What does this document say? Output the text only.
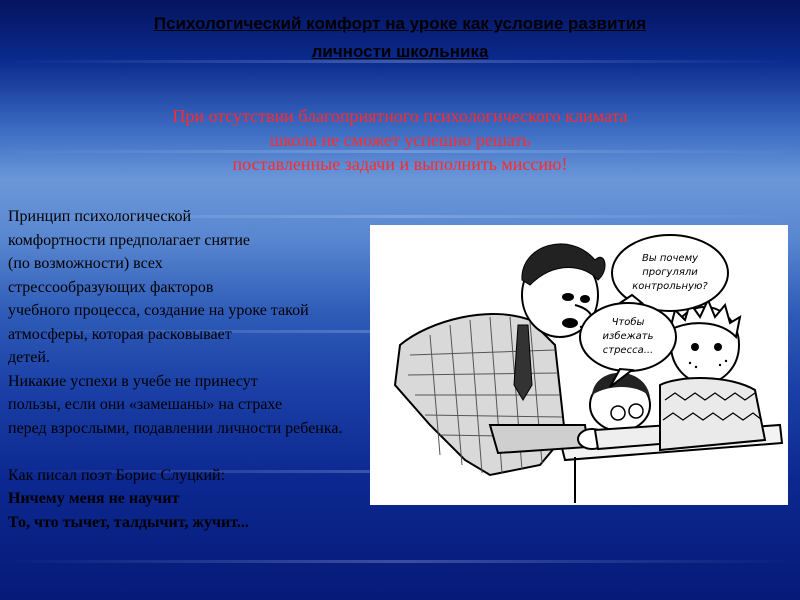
Психологический комфорт на уроке как условие развития
личности школьника
При отсутствии благоприятного психологического климата
школа не сможет успешно решать
поставленные задачи и выполнить миссию!
Вы почему
прогуляли
контрольную?
Чтобы
избежать
стресса...
Принцип психологической
комфортности предполагает снятие
(по возможности) всех
стрессообразующих факторов
учебного процесса, создание на уроке такой
атмосферы, которая расковывает
детей.
Никакие успехи в учебе не принесут
пользы, если они «замешаны» на страхе
перед взрослыми, подавлении личности ребенка.
Как писал поэт Борис Слуцкий:
Ничему меня не научит
То, что тычет, талдычит, жучит...
